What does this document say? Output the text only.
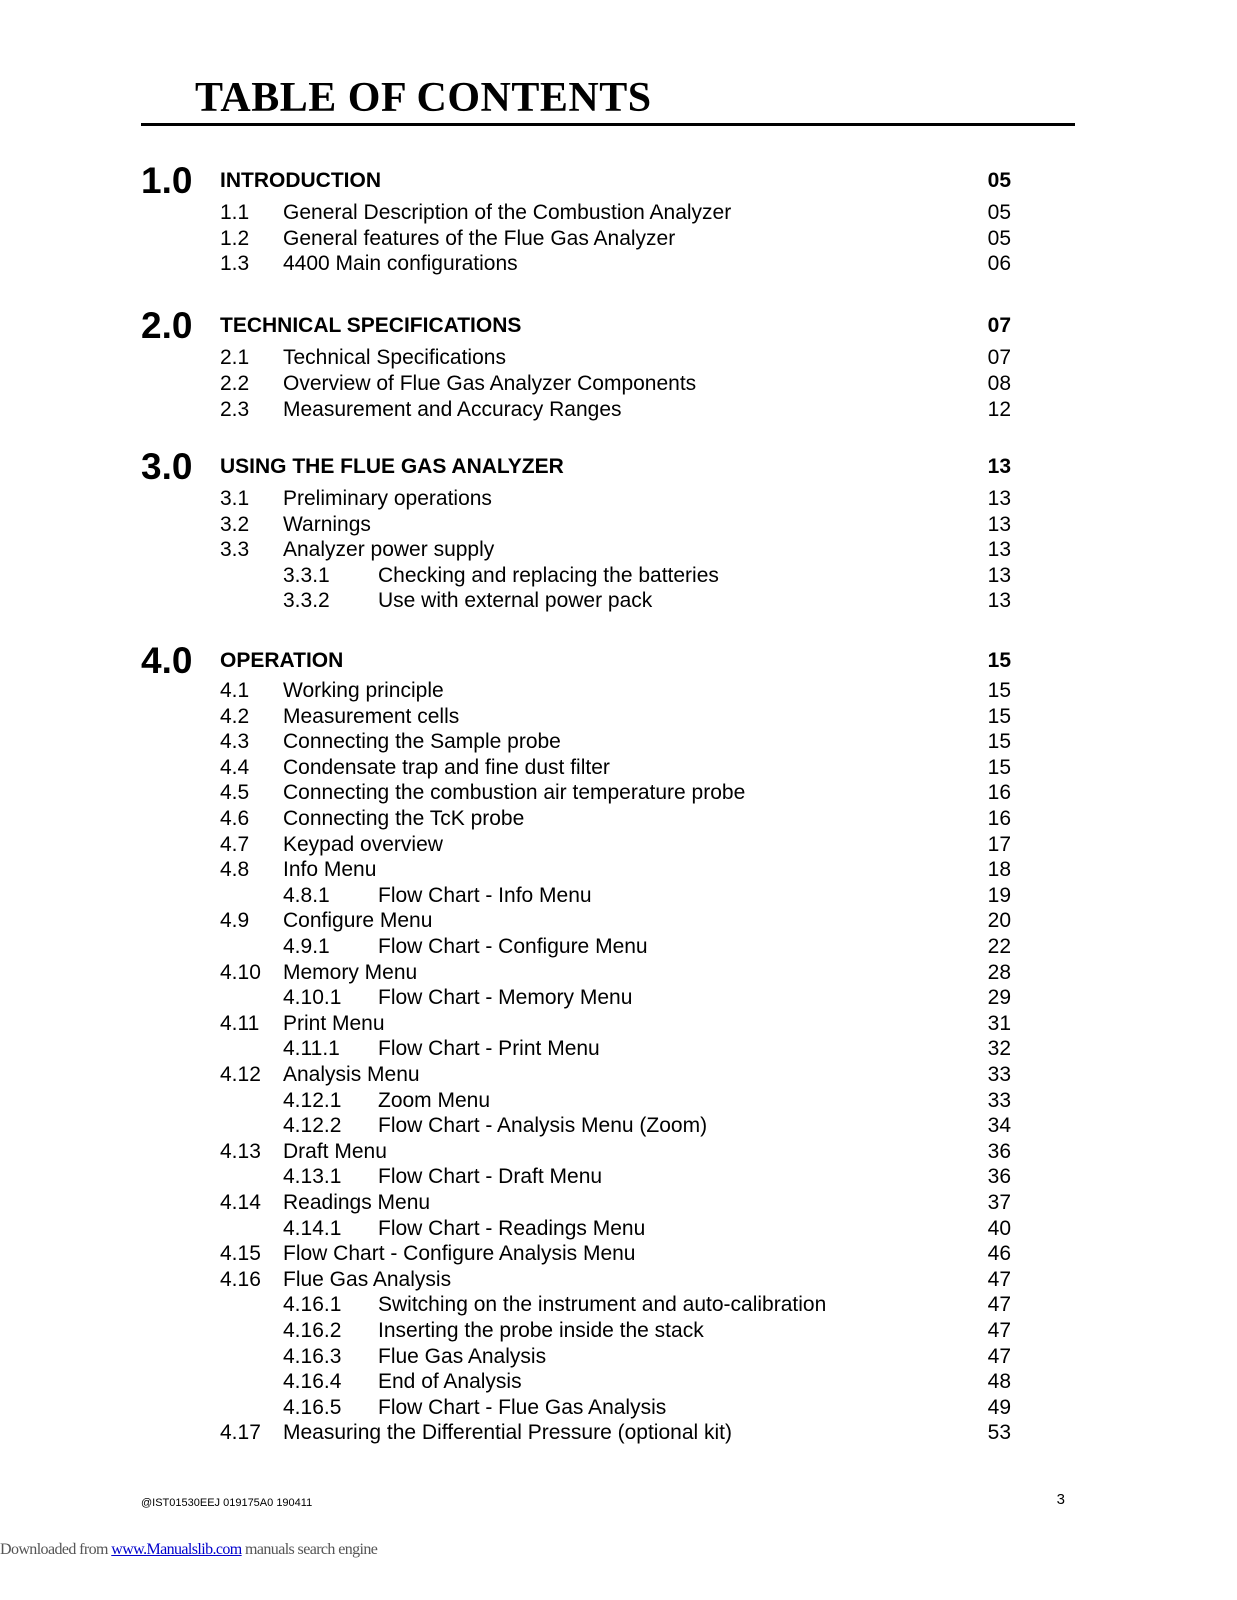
TABLE OF CONTENTS
1.0 INTRODUCTION	05
1.1 General Description of the Combustion Analyzer	05
1.2 General features of the Flue Gas Analyzer	05
1.3 4400 Main configurations	06
2.0 TECHNICAL SPECIFICATIONS	07
2.1 Technical Specifications	07
2.2 Overview of Flue Gas Analyzer Components	08
2.3 Measurement and Accuracy Ranges	12
3.0 USING THE FLUE GAS ANALYZER	13
3.1 Preliminary operations	13
3.2 Warnings	13
3.3 Analyzer power supply	13
3.3.1 Checking and replacing the batteries	13
3.3.2 Use with external power pack	13
4.0 OPERATION	15
4.1 Working principle	15
4.2 Measurement cells	15
4.3 Connecting the Sample probe	15
4.4 Condensate trap and fine dust filter	15
4.5 Connecting the combustion air temperature probe	16
4.6 Connecting the TcK probe	16
4.7 Keypad overview	17
4.8 Info Menu	18
4.8.1 Flow Chart - Info Menu	19
4.9 Configure Menu	20
4.9.1 Flow Chart - Configure Menu	22
4.10 Memory Menu	28
4.10.1 Flow Chart - Memory Menu	29
4.11 Print Menu	31
4.11.1 Flow Chart - Print Menu	32
4.12 Analysis Menu	33
4.12.1 Zoom Menu	33
4.12.2 Flow Chart - Analysis Menu (Zoom)	34
4.13 Draft Menu	36
4.13.1 Flow Chart - Draft Menu	36
4.14 Readings Menu	37
4.14.1 Flow Chart - Readings Menu	40
4.15 Flow Chart - Configure Analysis Menu	46
4.16 Flue Gas Analysis	47
4.16.1 Switching on the instrument and auto-calibration	47
4.16.2 Inserting the probe inside the stack	47
4.16.3 Flue Gas Analysis	47
4.16.4 End of Analysis	48
4.16.5 Flow Chart - Flue Gas Analysis	49
4.17 Measuring the Differential Pressure (optional kit)	53
@IST01530EEJ 019175A0 190411	3
Downloaded from www.Manualslib.com manuals search engine
